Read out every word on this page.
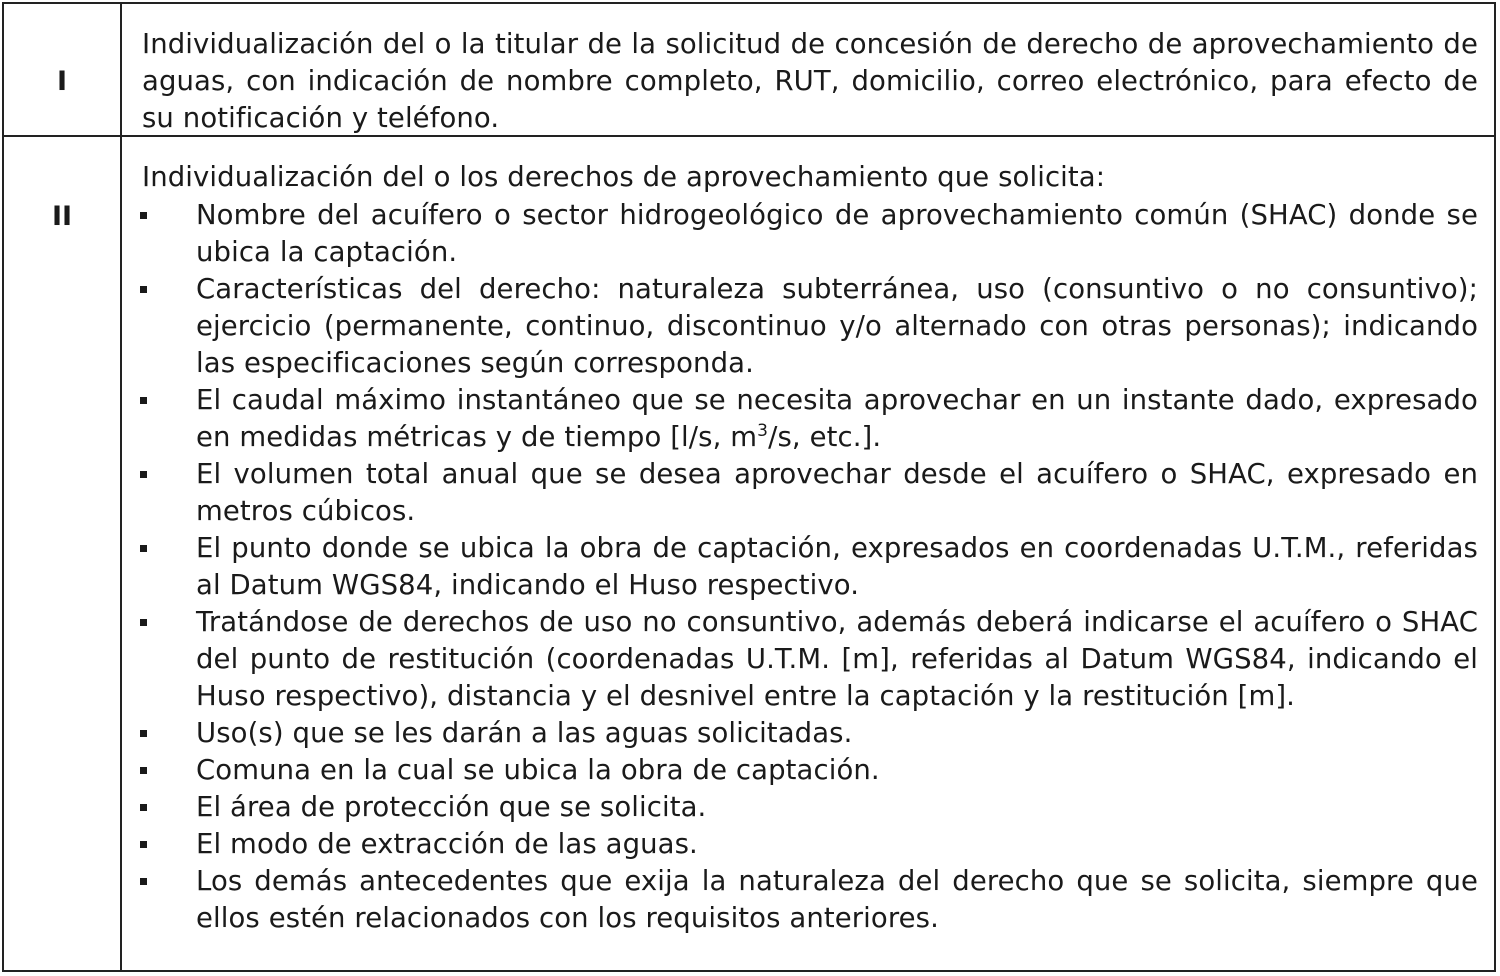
I
Individualización del o la titular de la solicitud de concesión de derecho de aprovechamiento de aguas, con indicación de nombre completo, RUT, domicilio, correo electrónico, para efecto de su notificación y teléfono.
II
Individualización del o los derechos de aprovechamiento que solicita:
Nombre del acuífero o sector hidrogeológico de aprovechamiento común (SHAC) donde se ubica la captación.
Características del derecho: naturaleza subterránea, uso (consuntivo o no consuntivo); ejercicio (permanente, continuo, discontinuo y/o alternado con otras personas); indicando las especificaciones según corresponda.
El caudal máximo instantáneo que se necesita aprovechar en un instante dado, expresado en medidas métricas y de tiempo [l/s, $m^3/s$, etc.].
El volumen total anual que se desea aprovechar desde el acuífero o SHAC, expresado en metros cúbicos.
El punto donde se ubica la obra de captación, expresados en coordenadas U.T.M., referidas al Datum WGS84, indicando el Huso respectivo.
Tratándose de derechos de uso no consuntivo, además deberá indicarse el acuífero o SHAC del punto de restitución (coordenadas U.T.M. [m], referidas al Datum WGS84, indicando el Huso respectivo), distancia y el desnivel entre la captación y la restitución [m].
Uso(s) que se les darán a las aguas solicitadas.
Comuna en la cual se ubica la obra de captación.
El área de protección que se solicita.
El modo de extracción de las aguas.
Los demás antecedentes que exija la naturaleza del derecho que se solicita, siempre que ellos estén relacionados con los requisitos anteriores.
